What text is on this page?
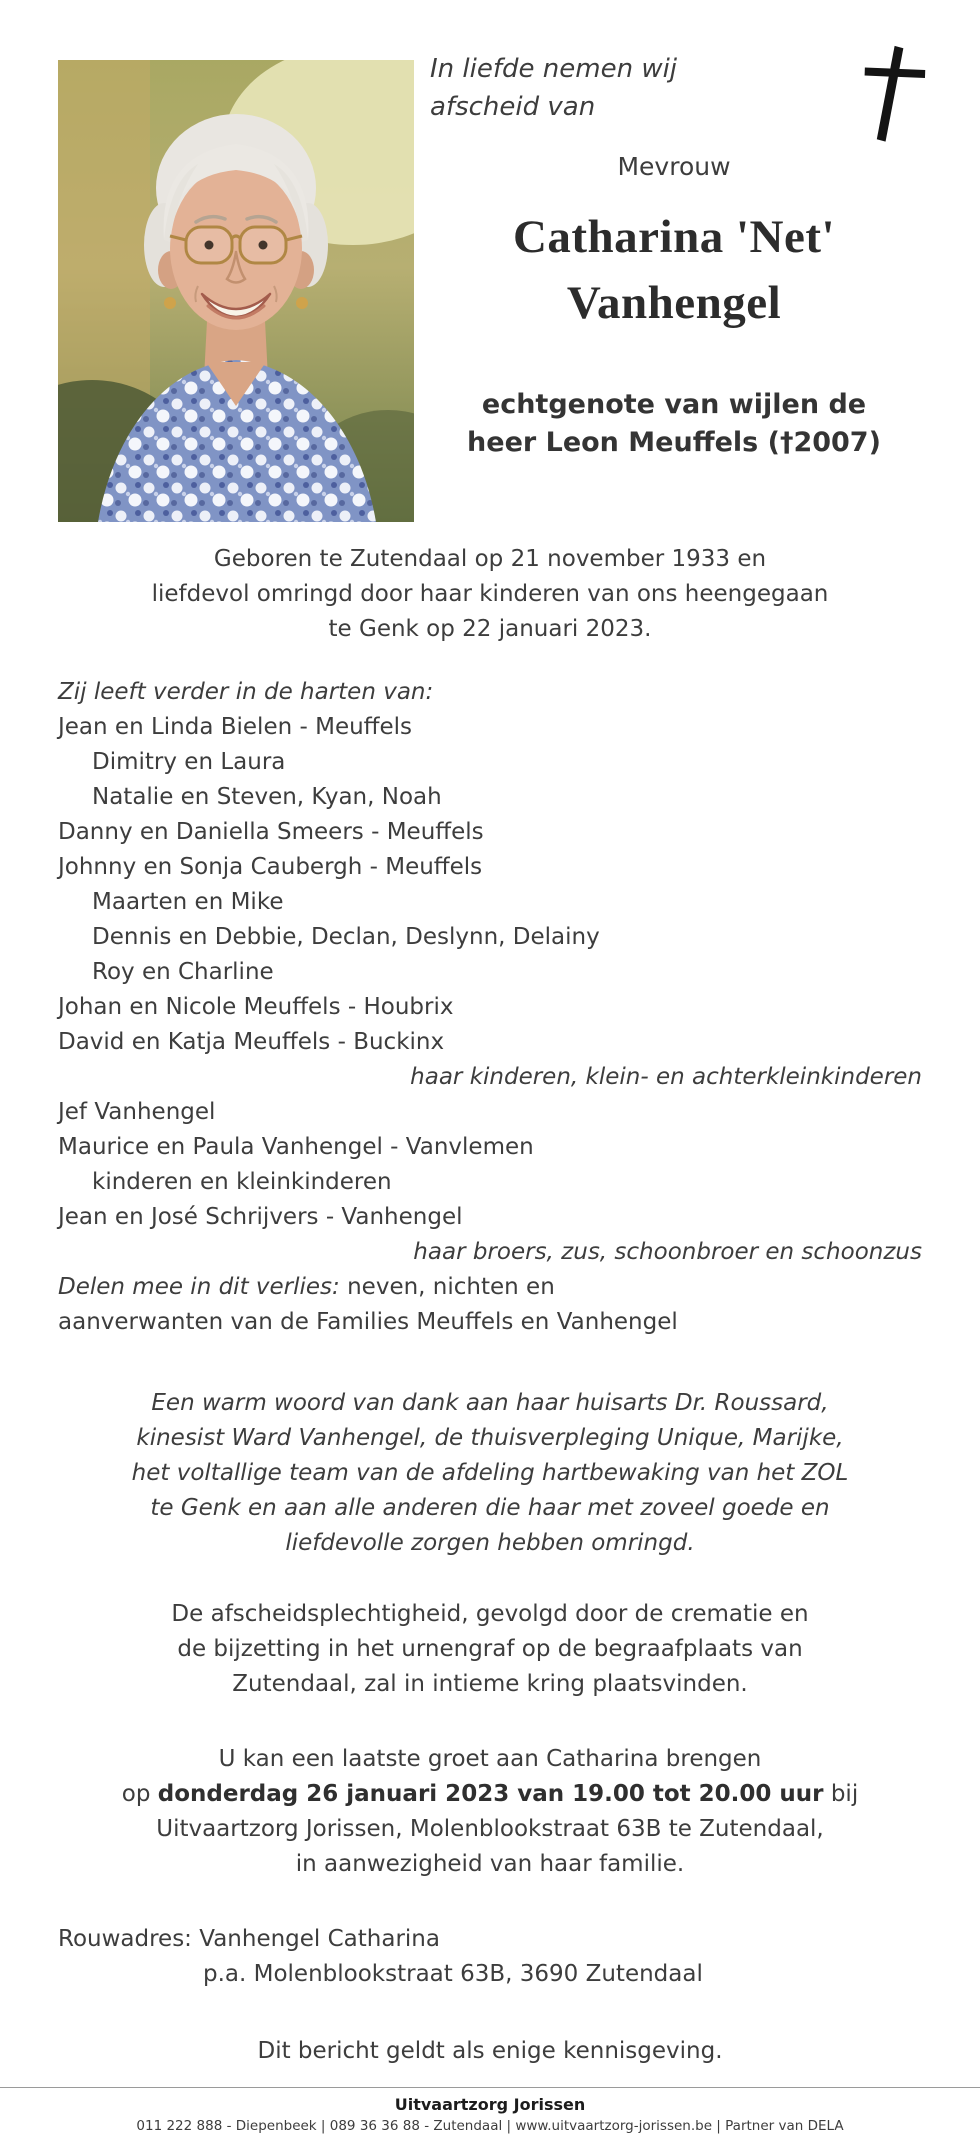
In liefde nemen wij
afscheid van
Mevrouw
Catharina 'Net'
Vanhengel
echtgenote van wijlen de
heer Leon Meuffels (†2007)
Geboren te Zutendaal op 21 november 1933 en
liefdevol omringd door haar kinderen van ons heengegaan
te Genk op 22 januari 2023.
Zij leeft verder in de harten van:
Jean en Linda Bielen - Meuffels
Dimitry en Laura
Natalie en Steven, Kyan, Noah
Danny en Daniella Smeers - Meuffels
Johnny en Sonja Caubergh - Meuffels
Maarten en Mike
Dennis en Debbie, Declan, Deslynn, Delainy
Roy en Charline
Johan en Nicole Meuffels - Houbrix
David en Katja Meuffels - Buckinx
haar kinderen, klein- en achterkleinkinderen
Jef Vanhengel
Maurice en Paula Vanhengel - Vanvlemen
kinderen en kleinkinderen
Jean en José Schrijvers - Vanhengel
haar broers, zus, schoonbroer en schoonzus
Delen mee in dit verlies: neven, nichten en
aanverwanten van de Families Meuffels en Vanhengel
Een warm woord van dank aan haar huisarts Dr. Roussard,
kinesist Ward Vanhengel, de thuisverpleging Unique, Marijke,
het voltallige team van de afdeling hartbewaking van het ZOL
te Genk en aan alle anderen die haar met zoveel goede en
liefdevolle zorgen hebben omringd.
De afscheidsplechtigheid, gevolgd door de crematie en
de bijzetting in het urnengraf op de begraafplaats van
Zutendaal, zal in intieme kring plaatsvinden.
U kan een laatste groet aan Catharina brengen
op donderdag 26 januari 2023 van 19.00 tot 20.00 uur bij
Uitvaartzorg Jorissen, Molenblookstraat 63B te Zutendaal,
in aanwezigheid van haar familie.
Rouwadres: Vanhengel Catharina
p.a. Molenblookstraat 63B, 3690 Zutendaal
Dit bericht geldt als enige kennisgeving.
Uitvaartzorg Jorissen
011 222 888 - Diepenbeek | 089 36 36 88 - Zutendaal | www.uitvaartzorg-jorissen.be | Partner van DELA
